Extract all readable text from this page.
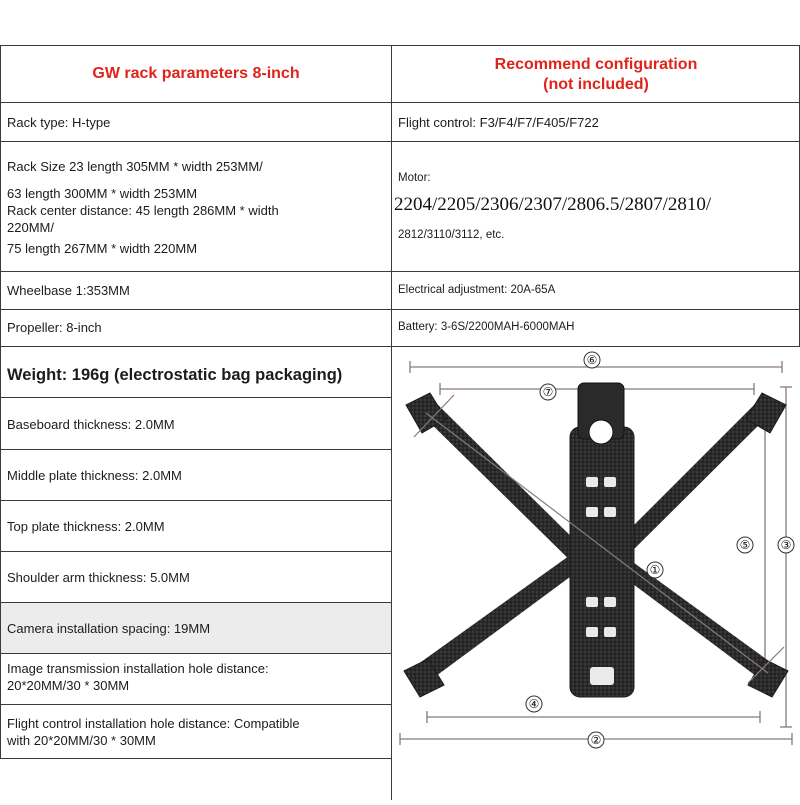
GW rack parameters 8-inch
Recommend configuration
(not included)
Rack type: H-type
Rack Size 23 length 305MM * width 253MM/
63 length 300MM * width 253MM
Rack center distance: 45 length 286MM * width
220MM/
75 length 267MM * width 220MM
Wheelbase 1:353MM
Propeller: 8-inch
Weight: 196g (electrostatic bag packaging)
Baseboard thickness: 2.0MM
Middle plate thickness: 2.0MM
Top plate thickness: 2.0MM
Shoulder arm thickness: 5.0MM
Camera installation spacing: 19MM
Image transmission installation hole distance:
20*20MM/30 * 30MM
Flight control installation hole distance: Compatible
with 20*20MM/30 * 30MM
Flight control: F3/F4/F7/F405/F722
Motor:
2204/2205/2306/2307/2806.5/2807/2810/
2812/3110/3112, etc.
Electrical adjustment: 20A-65A
Battery: 3-6S/2200MAH-6000MAH
⑥
⑦
⑤	③
①
④
②
